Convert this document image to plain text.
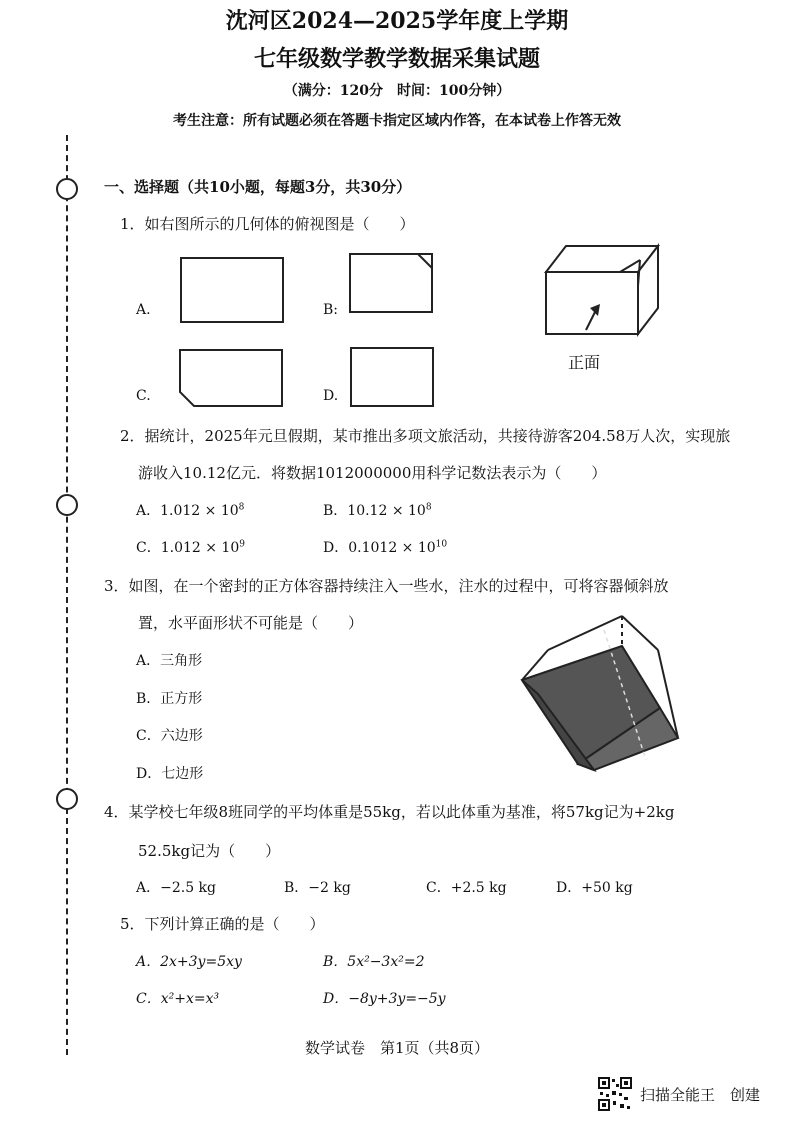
沈河区2024—2025学年度上学期
七年级数学教学数据采集试题
（满分：120分　时间：100分钟）
考生注意：所有试题必须在答题卡指定区域内作答，在本试卷上作答无效
一、选择题（共10小题，每题3分，共30分）
1．如右图所示的几何体的俯视图是（　　）
A.	B:
C.	D.
正面
2．据统计，2025年元旦假期，某市推出多项文旅活动，共接待游客204.58万人次，实现旅
游收入10.12亿元．将数据1012000000用科学记数法表示为（　　）
A．$1.012 \times 10^8$	B．$10.12 \times 10^8$
C．$1.012 \times 10^9$	D．$0.1012 \times 10^{10}$
3．如图，在一个密封的正方体容器持续注入一些水，注水的过程中，可将容器倾斜放
置，水平面形状不可能是（　　）
A．三角形
B．正方形
C．六边形
D．七边形
4．某学校七年级8班同学的平均体重是55kg，若以此体重为基准，将57kg记为+2kg
52.5kg记为（　　）
A．−2.5 kg	B．−2 kg	C．+2.5 kg	D．+50 kg
5．下列计算正确的是（　　）
A．2x+3y=5xy	B．5x²−3x²=2
C．x²+x=x³	D．−8y+3y=−5y
数学试卷　第1页（共8页）
扫描全能王　创建
